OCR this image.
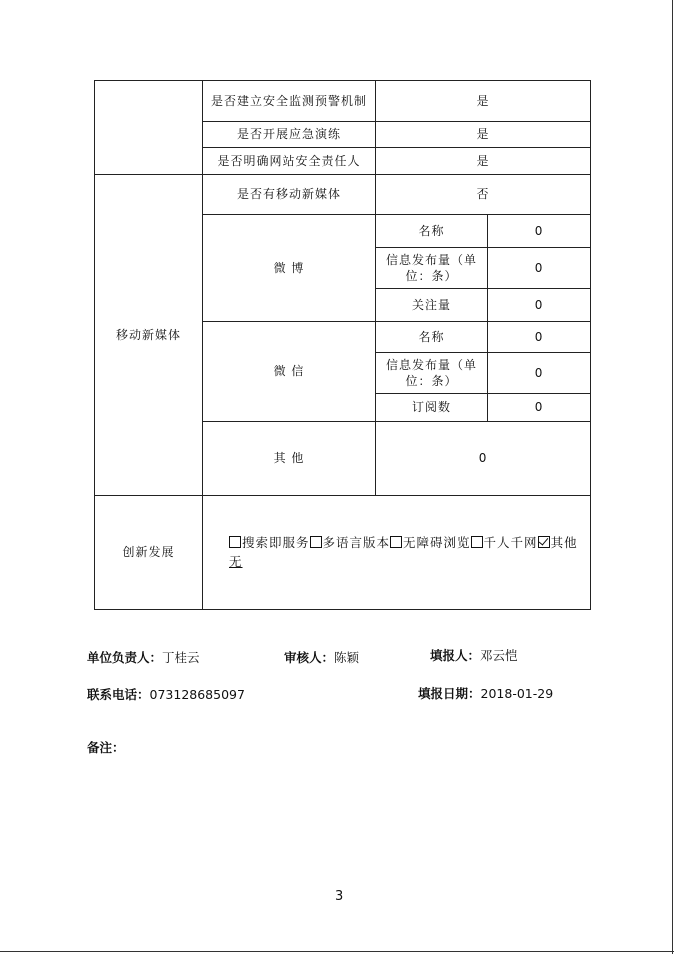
	是否建立安全监测预警机制	是	
	是否开展应急演练	是	
	是否明确网站安全责任人	是	
移动新媒体	是否有移动新媒体	否	
	微 博	名称	0
		信息发布量（单位：条）	0
		关注量	0
	微 信	名称	0
		信息发布量（单位：条）	0
		订阅数	0
	其 他	0	
创新发展	搜索即服务 多语言版本 无障碍浏览 千人千网 其他
无		
单位负责人：丁桂云	审核人：陈颖	填报人：邓云恺
联系电话：073128685097	填报日期：2018-01-29
备注：
3
